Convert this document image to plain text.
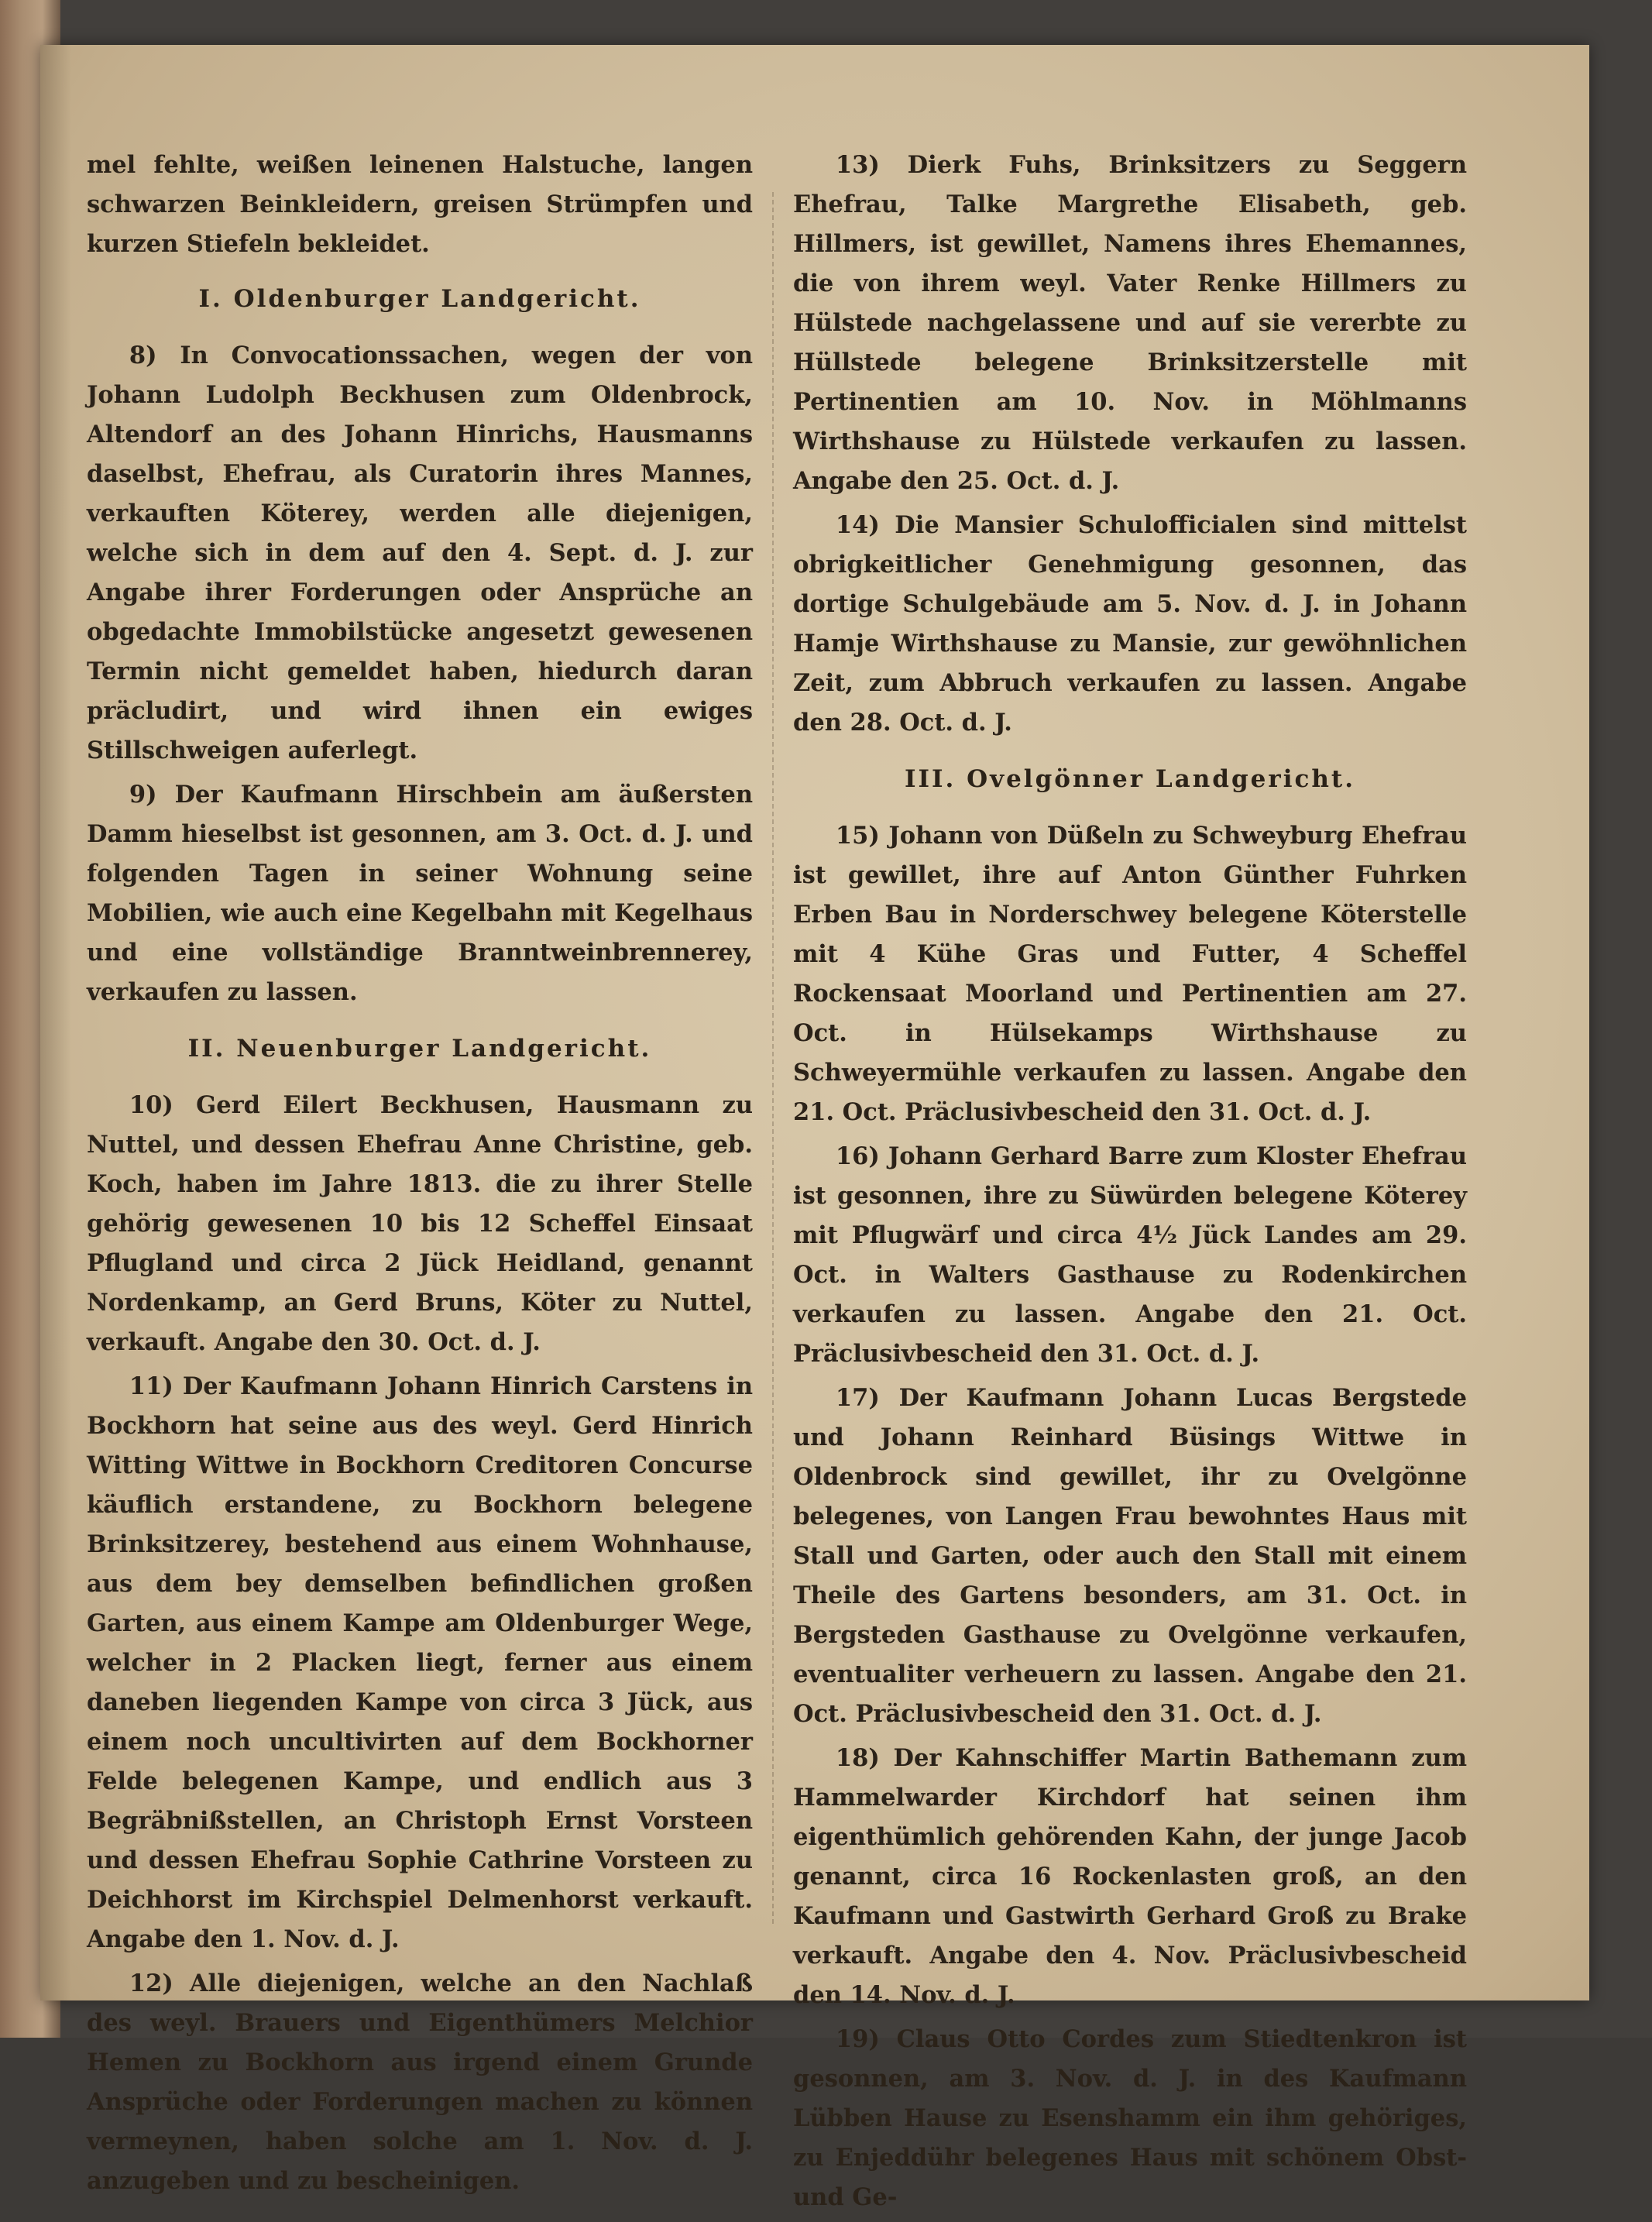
mel fehlte, weißen leinenen Halstuche, langen schwarzen Beinkleidern, greisen Strümpfen und kurzen Stiefeln bekleidet.

I. Oldenburger Landgericht.

8) In Convocationssachen, wegen der von Johann Ludolph Beckhusen zum Oldenbrock, Altendorf an des Johann Hinrichs, Hausmanns daselbst, Ehefrau, als Curatorin ihres Mannes, verkauften Köterey, werden alle diejenigen, welche sich in dem auf den 4. Sept. d. J. zur Angabe ihrer Forderungen oder Ansprüche an obgedachte Immobilstücke angesetzt gewesenen Termin nicht gemeldet haben, hiedurch daran präcludirt, und wird ihnen ein ewiges Stillschweigen auferlegt.

9) Der Kaufmann Hirschbein am äußersten Damm hieselbst ist gesonnen, am 3. Oct. d. J. und folgenden Tagen in seiner Wohnung seine Mobilien, wie auch eine Kegelbahn mit Kegelhaus und eine vollständige Branntweinbrennerey, verkaufen zu lassen.

II. Neuenburger Landgericht.

10) Gerd Eilert Beckhusen, Hausmann zu Nuttel, und dessen Ehefrau Anne Christine, geb. Koch, haben im Jahre 1813. die zu ihrer Stelle gehörig gewesenen 10 bis 12 Scheffel Einsaat Pflugland und circa 2 Jück Heidland, genannt Nordenkamp, an Gerd Bruns, Köter zu Nuttel, verkauft. Angabe den 30. Oct. d. J.

11) Der Kaufmann Johann Hinrich Carstens in Bockhorn hat seine aus des weyl. Gerd Hinrich Witting Wittwe in Bockhorn Creditoren Concurse käuflich erstandene, zu Bockhorn belegene Brinksitzerey, bestehend aus einem Wohnhause, aus dem bey demselben befindlichen großen Garten, aus einem Kampe am Oldenburger Wege, welcher in 2 Placken liegt, ferner aus einem daneben liegenden Kampe von circa 3 Jück, aus einem noch uncultivirten auf dem Bockhorner Felde belegenen Kampe, und endlich aus 3 Begräbnißstellen, an Christoph Ernst Vorsteen und dessen Ehefrau Sophie Cathrine Vorsteen zu Deichhorst im Kirchspiel Delmenhorst verkauft. Angabe den 1. Nov. d. J.

12) Alle diejenigen, welche an den Nachlaß des weyl. Brauers und Eigenthümers Melchior Hemen zu Bockhorn aus irgend einem Grunde Ansprüche oder Forderungen machen zu können vermeynen, haben solche am 1. Nov. d. J. anzugeben und zu bescheinigen.

13) Dierk Fuhs, Brinksitzers zu Seggern Ehefrau, Talke Margrethe Elisabeth, geb. Hillmers, ist gewillet, Namens ihres Ehemannes, die von ihrem weyl. Vater Renke Hillmers zu Hülstede nachgelassene und auf sie vererbte zu Hüllstede belegene Brinksitzerstelle mit Pertinentien am 10. Nov. in Möhlmanns Wirthshause zu Hülstede verkaufen zu lassen. Angabe den 25. Oct. d. J.

14) Die Mansier Schulofficialen sind mittelst obrigkeitlicher Genehmigung gesonnen, das dortige Schulgebäude am 5. Nov. d. J. in Johann Hamje Wirthshause zu Mansie, zur gewöhnlichen Zeit, zum Abbruch verkaufen zu lassen. Angabe den 28. Oct. d. J.

III. Ovelgönner Landgericht.

15) Johann von Düßeln zu Schweyburg Ehefrau ist gewillet, ihre auf Anton Günther Fuhrken Erben Bau in Norderschwey belegene Köterstelle mit 4 Kühe Gras und Futter, 4 Scheffel Rockensaat Moorland und Pertinentien am 27. Oct. in Hülsekamps Wirthshause zu Schweyermühle verkaufen zu lassen. Angabe den 21. Oct. Präclusivbescheid den 31. Oct. d. J.

16) Johann Gerhard Barre zum Kloster Ehefrau ist gesonnen, ihre zu Süwürden belegene Köterey mit Pflugwärf und circa 4½ Jück Landes am 29. Oct. in Walters Gasthause zu Rodenkirchen verkaufen zu lassen. Angabe den 21. Oct. Präclusivbescheid den 31. Oct. d. J.

17) Der Kaufmann Johann Lucas Bergstede und Johann Reinhard Büsings Wittwe in Oldenbrock sind gewillet, ihr zu Ovelgönne belegenes, von Langen Frau bewohntes Haus mit Stall und Garten, oder auch den Stall mit einem Theile des Gartens besonders, am 31. Oct. in Bergsteden Gasthause zu Ovelgönne verkaufen, eventualiter verheuern zu lassen. Angabe den 21. Oct. Präclusivbescheid den 31. Oct. d. J.

18) Der Kahnschiffer Martin Bathemann zum Hammelwarder Kirchdorf hat seinen ihm eigenthümlich gehörenden Kahn, der junge Jacob genannt, circa 16 Rockenlasten groß, an den Kaufmann und Gastwirth Gerhard Groß zu Brake verkauft. Angabe den 4. Nov. Präclusivbescheid den 14. Nov. d. J.

19) Claus Otto Cordes zum Stiedtenkron ist gesonnen, am 3. Nov. d. J. in des Kaufmann Lübben Hause zu Esenshamm ein ihm gehöriges, zu Enjeddühr belegenes Haus mit schönem Obst- und Ge-
